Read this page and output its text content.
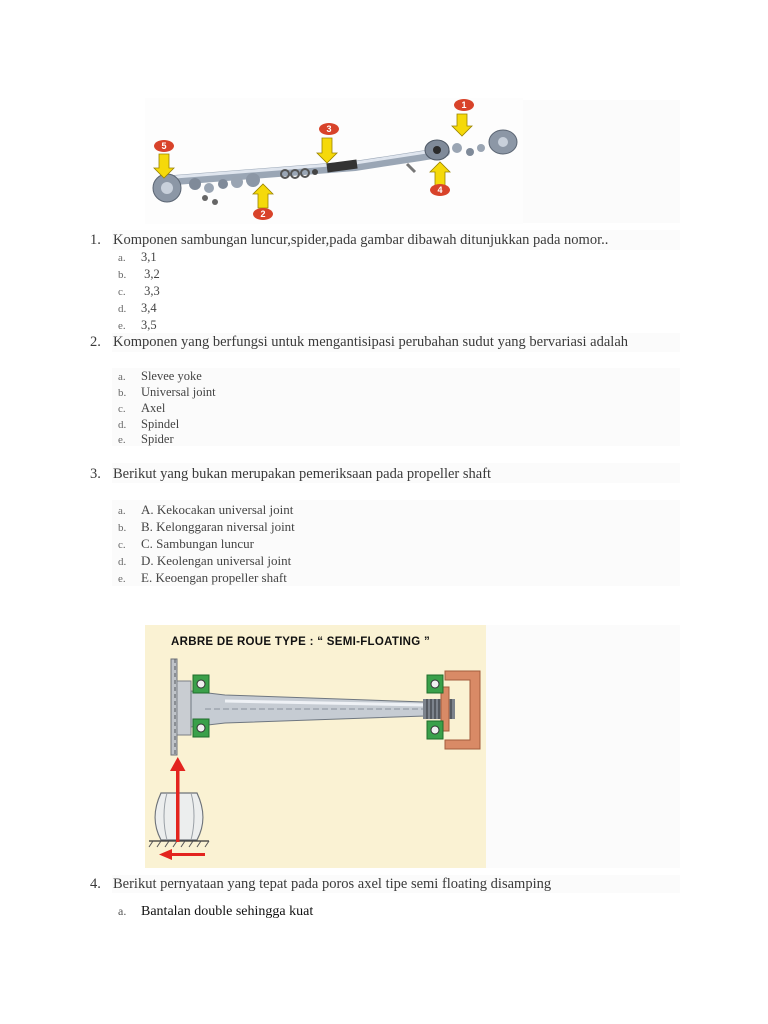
1
2
3
4
5
1. Komponen sambungan luncur,spider,pada gambar dibawah ditunjukkan pada nomor..
a. 3,1
b. 3,2
c. 3,3
d. 3,4
e. 3,5
2. Komponen yang berfungsi untuk mengantisipasi perubahan sudut yang bervariasi adalah
a. Slevee yoke
b. Universal joint
c. Axel
d. Spindel
e. Spider
3. Berikut yang bukan merupakan pemeriksaan pada propeller shaft
a. A. Kekocakan universal joint
b. B. Kelonggaran niversal joint
c. C. Sambungan luncur
d. D. Keolengan universal joint
e. E. Keoengan propeller shaft
ARBRE DE ROUE TYPE : “ SEMI-FLOATING ”
4. Berikut pernyataan yang tepat pada poros axel tipe semi floating disamping
a. Bantalan double sehingga kuat
